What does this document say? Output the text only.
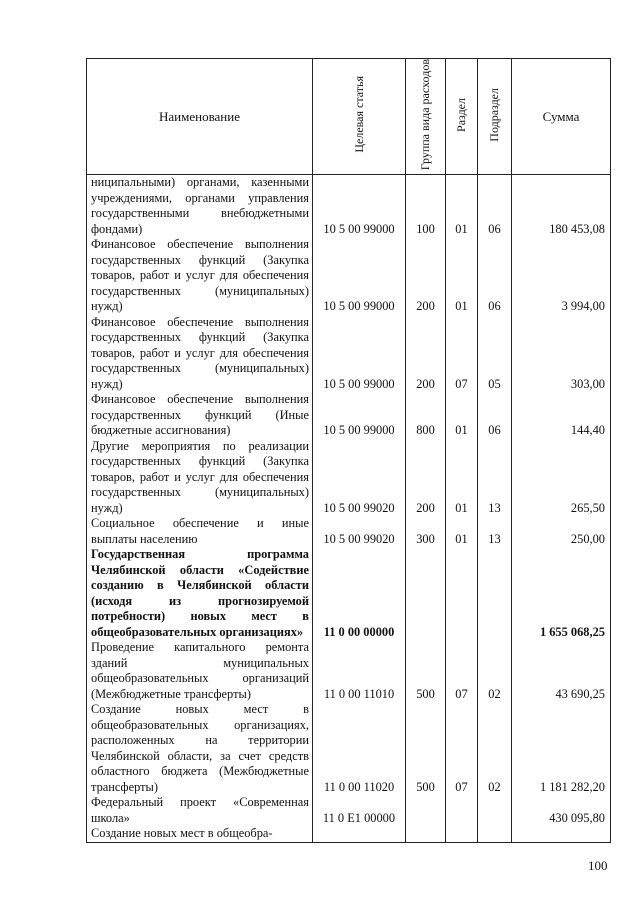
Наименование	Целевая статья	Группа вида расходов	Раздел	Подраздел	Сумма
ниципальными) органами, казенными учреждениями, органами управления государственными внебюджетными фондами)	10 5 00 99000	100	01	06	180 453,08
Финансовое обеспечение выполнения государственных функций (Закупка товаров, работ и услуг для обеспечения государственных (муниципальных) нужд)	10 5 00 99000	200	01	06	3 994,00
Финансовое обеспечение выполнения государственных функций (Закупка товаров, работ и услуг для обеспечения государственных (муниципальных) нужд)	10 5 00 99000	200	07	05	303,00
Финансовое обеспечение выполнения государственных функций (Иные бюджетные ассигнования)	10 5 00 99000	800	01	06	144,40
Другие мероприятия по реализации государственных функций (Закупка товаров, работ и услуг для обеспечения государственных (муниципальных) нужд)	10 5 00 99020	200	01	13	265,50
Социальное обеспечение и иные выплаты населению	10 5 00 99020	300	01	13	250,00
Государственная программа Челябинской области «Содействие созданию в Челябинской области (исходя из прогнозируемой потребности) новых мест в общеобразовательных организациях»	11 0 00 00000				1 655 068,25
Проведение капитального ремонта зданий муниципальных общеобразовательных организаций (Межбюджетные трансферты)	11 0 00 11010	500	07	02	43 690,25
Создание новых мест в общеобразовательных организациях, расположенных на территории Челябинской области, за счет средств областного бюджета (Межбюджетные трансферты)	11 0 00 11020	500	07	02	1 181 282,20
Федеральный проект «Современная школа»	11 0 E1 00000				430 095,80
Создание новых мест в общеобра-					
100
